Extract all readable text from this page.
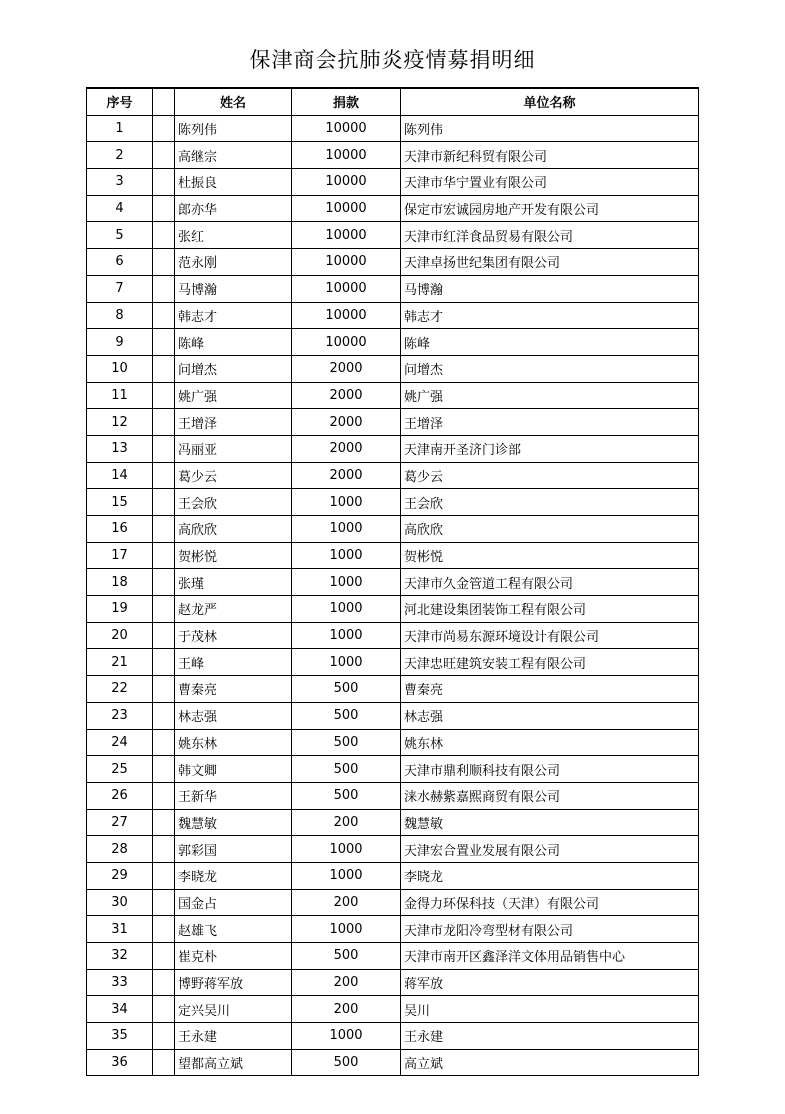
保津商会抗肺炎疫情募捐明细
序号		姓名	捐款	单位名称
1		陈列伟	10000	陈列伟
2		高继宗	10000	天津市新纪科贸有限公司
3		杜振良	10000	天津市华宁置业有限公司
4		郎亦华	10000	保定市宏诚园房地产开发有限公司
5		张红	10000	天津市红洋食品贸易有限公司
6		范永刚	10000	天津卓扬世纪集团有限公司
7		马博瀚	10000	马博瀚
8		韩志才	10000	韩志才
9		陈峰	10000	陈峰
10		问增杰	2000	问增杰
11		姚广强	2000	姚广强
12		王增泽	2000	王增泽
13		冯丽亚	2000	天津南开圣济门诊部
14		葛少云	2000	葛少云
15		王会欣	1000	王会欣
16		高欣欣	1000	高欣欣
17		贺彬悦	1000	贺彬悦
18		张瑾	1000	天津市久金管道工程有限公司
19		赵龙严	1000	河北建设集团装饰工程有限公司
20		于茂林	1000	天津市尚易东源环境设计有限公司
21		王峰	1000	天津忠旺建筑安装工程有限公司
22		曹秦亮	500	曹秦亮
23		林志强	500	林志强
24		姚东林	500	姚东林
25		韩文卿	500	天津市鼎利顺科技有限公司
26		王新华	500	涞水赫紫嘉熙商贸有限公司
27		魏慧敏	200	魏慧敏
28		郭彩国	1000	天津宏合置业发展有限公司
29		李晓龙	1000	李晓龙
30		国金占	200	金得力环保科技（天津）有限公司
31		赵雄飞	1000	天津市龙阳冷弯型材有限公司
32		崔克朴	500	天津市南开区鑫泽洋文体用品销售中心
33		博野蒋军放	200	蒋军放
34		定兴吴川	200	吴川
35		王永建	1000	王永建
36		望都高立斌	500	高立斌
